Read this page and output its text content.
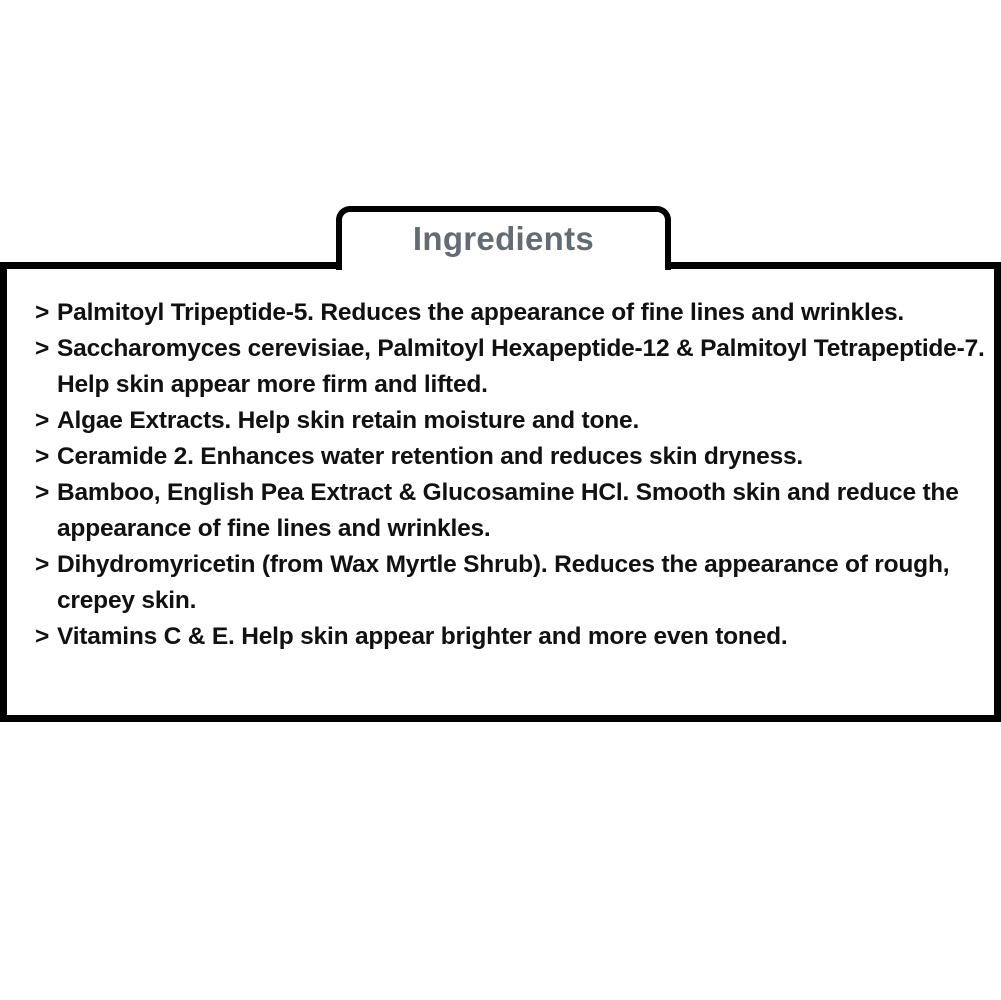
Ingredients
> Palmitoyl Tripeptide-5. Reduces the appearance of fine lines and wrinkles.
> Saccharomyces cerevisiae, Palmitoyl Hexapeptide-12 & Palmitoyl Tetrapeptide-7. Help skin appear more firm and lifted.
> Algae Extracts. Help skin retain moisture and tone.
> Ceramide 2. Enhances water retention and reduces skin dryness.
> Bamboo, English Pea Extract & Glucosamine HCl. Smooth skin and reduce the appearance of fine lines and wrinkles.
> Dihydromyricetin (from Wax Myrtle Shrub). Reduces the appearance of rough, crepey skin.
> Vitamins C & E. Help skin appear brighter and more even toned.
